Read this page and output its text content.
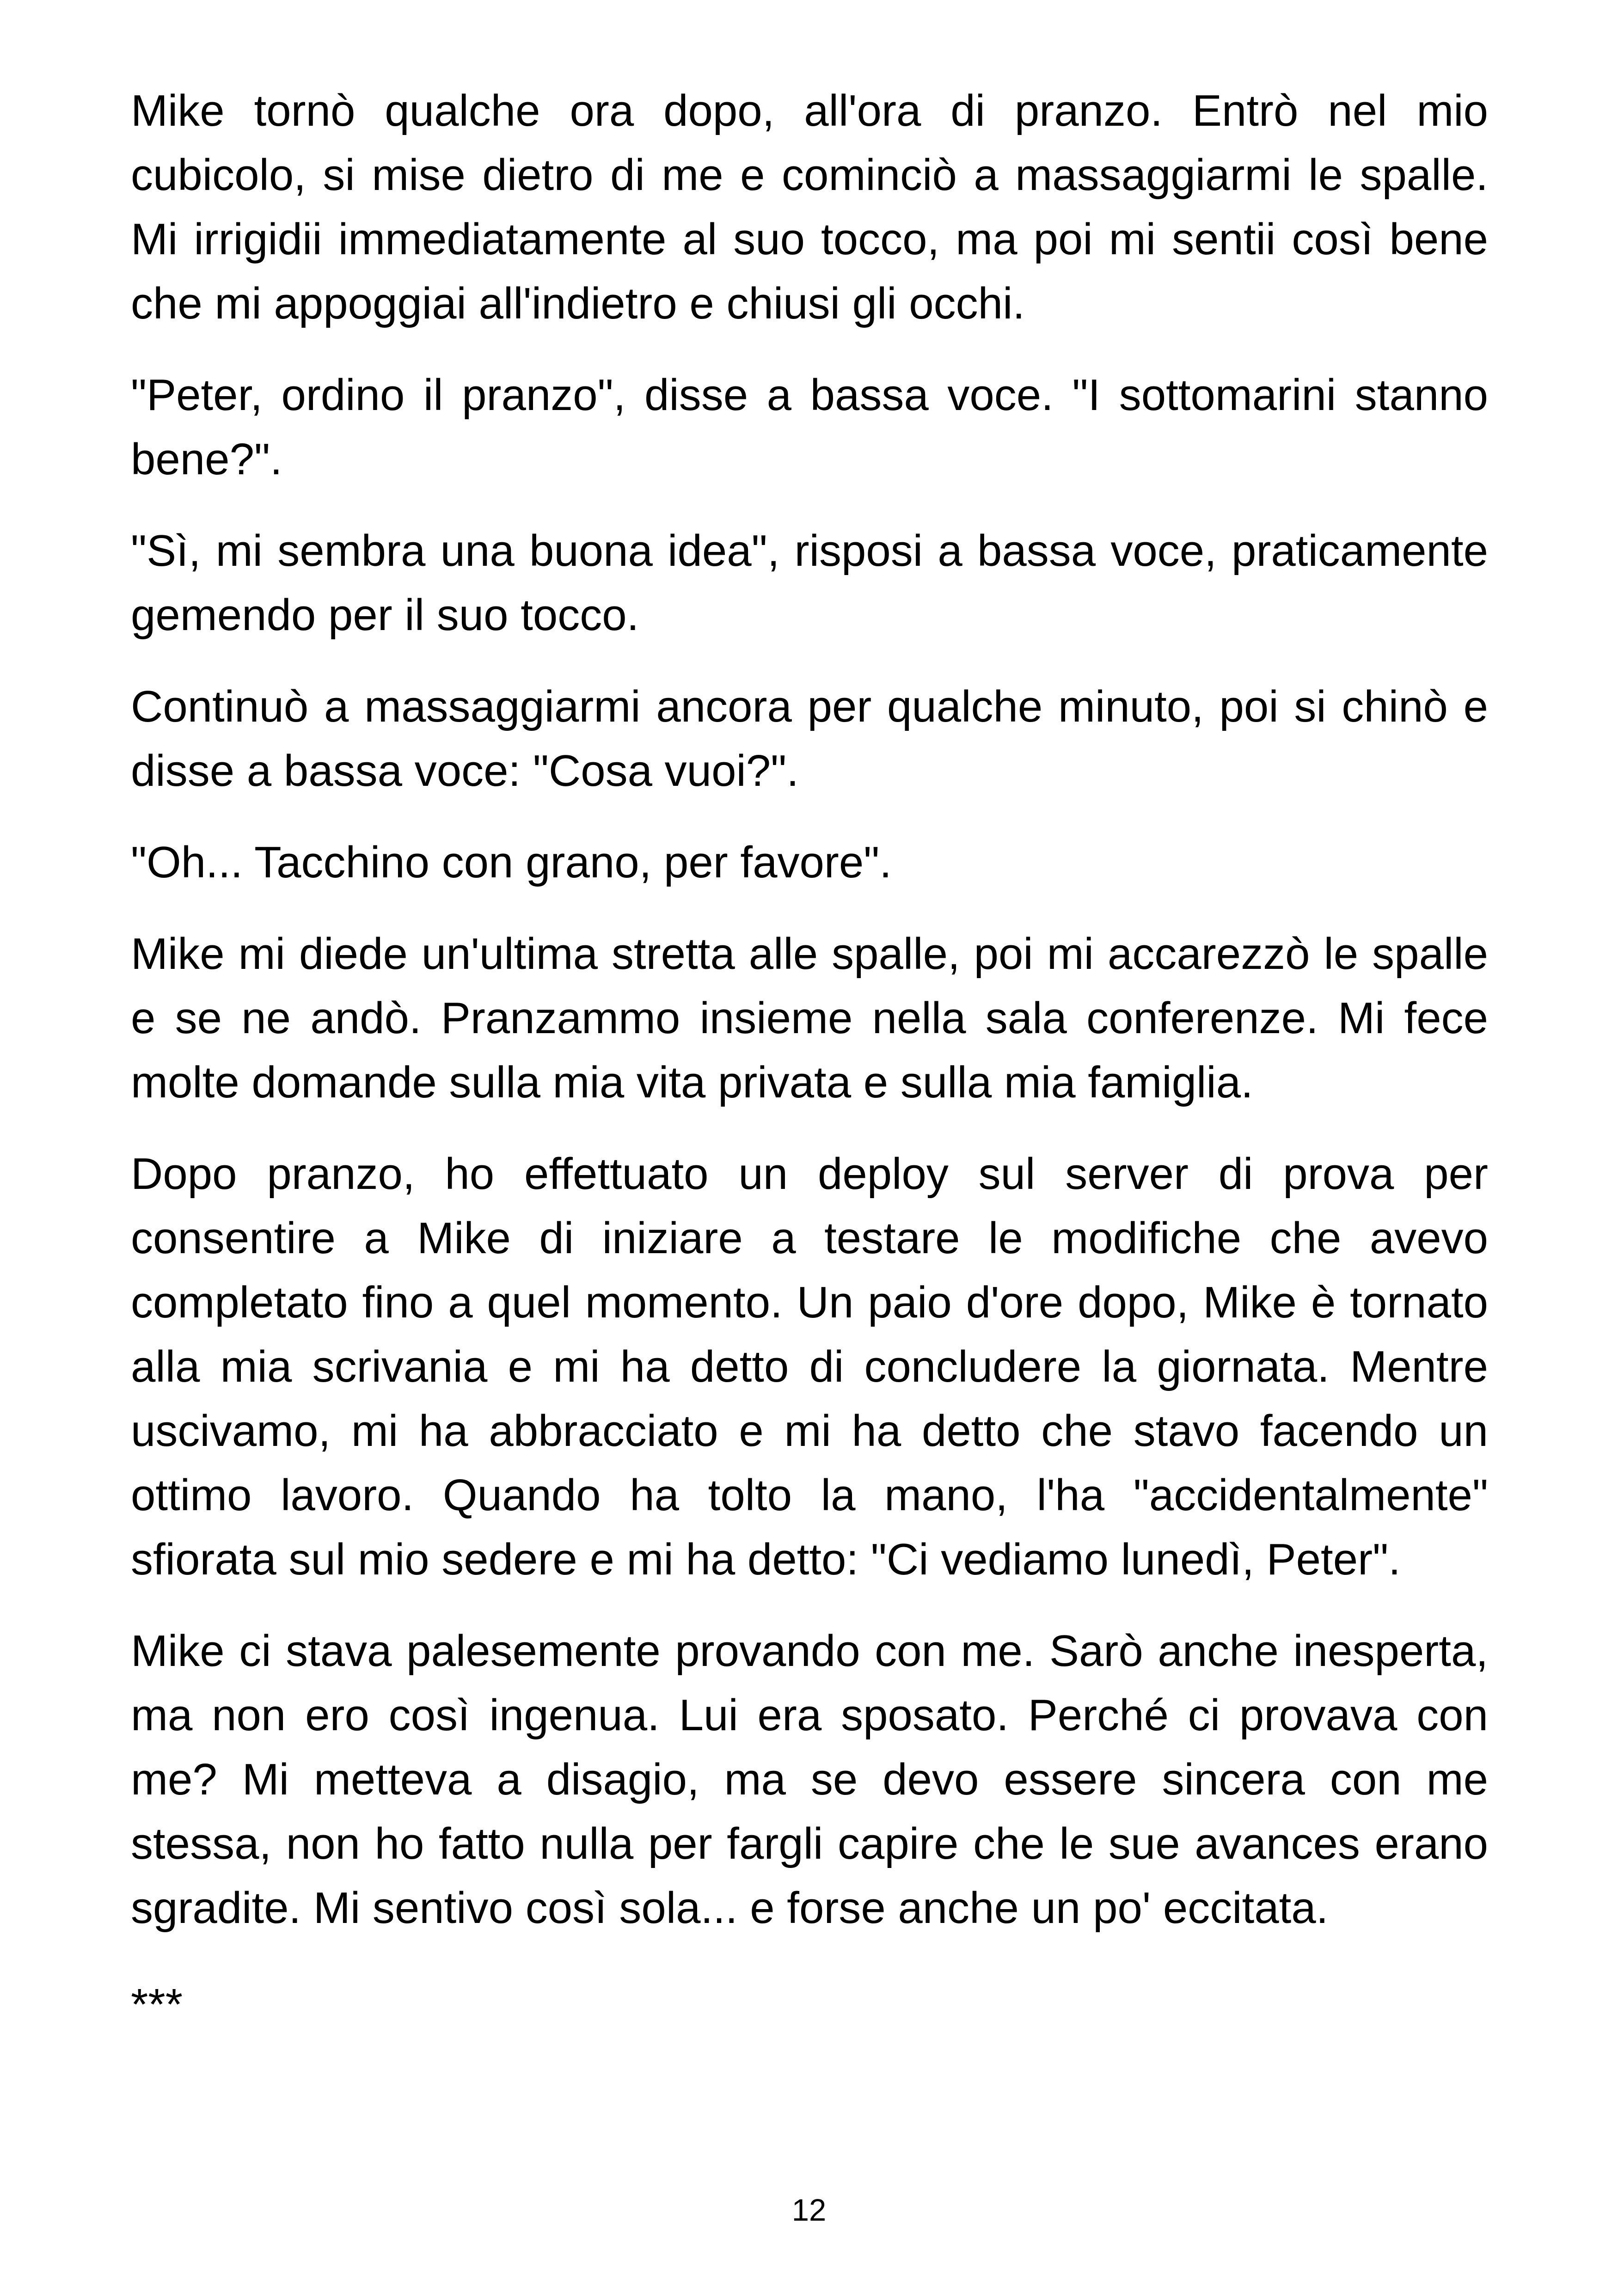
Mike tornò qualche ora dopo, all'ora di pranzo. Entrò nel mio cubicolo, si mise dietro di me e cominciò a massaggiarmi le spalle. Mi irrigidii immediatamente al suo tocco, ma poi mi sentii così bene che mi appoggiai all'indietro e chiusi gli occhi.

"Peter, ordino il pranzo", disse a bassa voce. "I sottomarini stanno bene?".

"Sì, mi sembra una buona idea", risposi a bassa voce, praticamente gemendo per il suo tocco.

Continuò a massaggiarmi ancora per qualche minuto, poi si chinò e disse a bassa voce: "Cosa vuoi?".

"Oh... Tacchino con grano, per favore".

Mike mi diede un'ultima stretta alle spalle, poi mi accarezzò le spalle e se ne andò. Pranzammo insieme nella sala conferenze. Mi fece molte domande sulla mia vita privata e sulla mia famiglia.

Dopo pranzo, ho effettuato un deploy sul server di prova per consentire a Mike di iniziare a testare le modifiche che avevo completato fino a quel momento. Un paio d'ore dopo, Mike è tornato alla mia scrivania e mi ha detto di concludere la giornata. Mentre uscivamo, mi ha abbracciato e mi ha detto che stavo facendo un ottimo lavoro. Quando ha tolto la mano, l'ha "accidentalmente" sfiorata sul mio sedere e mi ha detto: "Ci vediamo lunedì, Peter".

Mike ci stava palesemente provando con me. Sarò anche inesperta, ma non ero così ingenua. Lui era sposato. Perché ci provava con me? Mi metteva a disagio, ma se devo essere sincera con me stessa, non ho fatto nulla per fargli capire che le sue avances erano sgradite. Mi sentivo così sola... e forse anche un po' eccitata.

***

12
